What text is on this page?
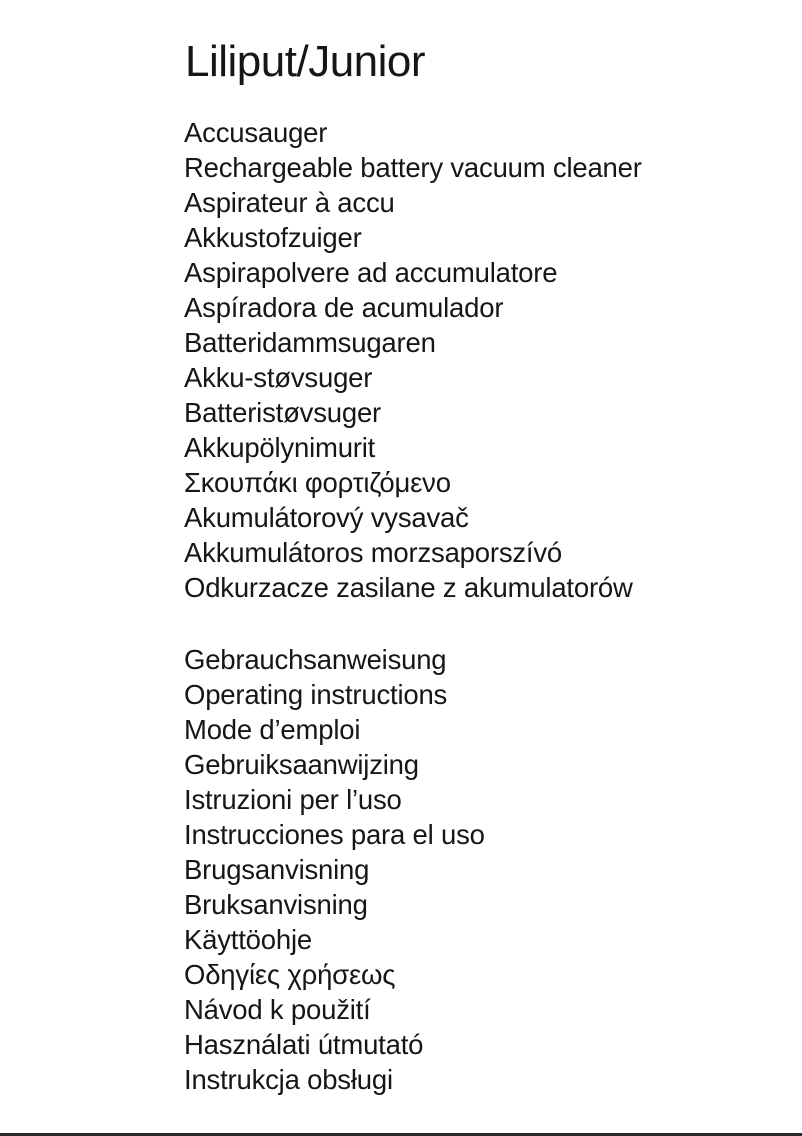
Liliput/Junior
Accusauger
Rechargeable battery vacuum cleaner
Aspirateur à accu
Akkustofzuiger
Aspirapolvere ad accumulatore
Aspíradora de acumulador
Batteridammsugaren
Akku-støvsuger
Batteristøvsuger
Akkupölynimurit
Σκουπάκι φορτιζόμενο
Akumulátorový vysavač
Akkumulátoros morzsaporszívó
Odkurzacze zasilane z akumulatorów
Gebrauchsanweisung
Operating instructions
Mode d’emploi
Gebruiksaanwijzing
Istruzioni per l’uso
Instrucciones para el uso
Brugsanvisning
Bruksanvisning
Käyttöohje
Οδηγίες χρήσεως
Návod k použití
Használati útmutató
Instrukcja obsługi
